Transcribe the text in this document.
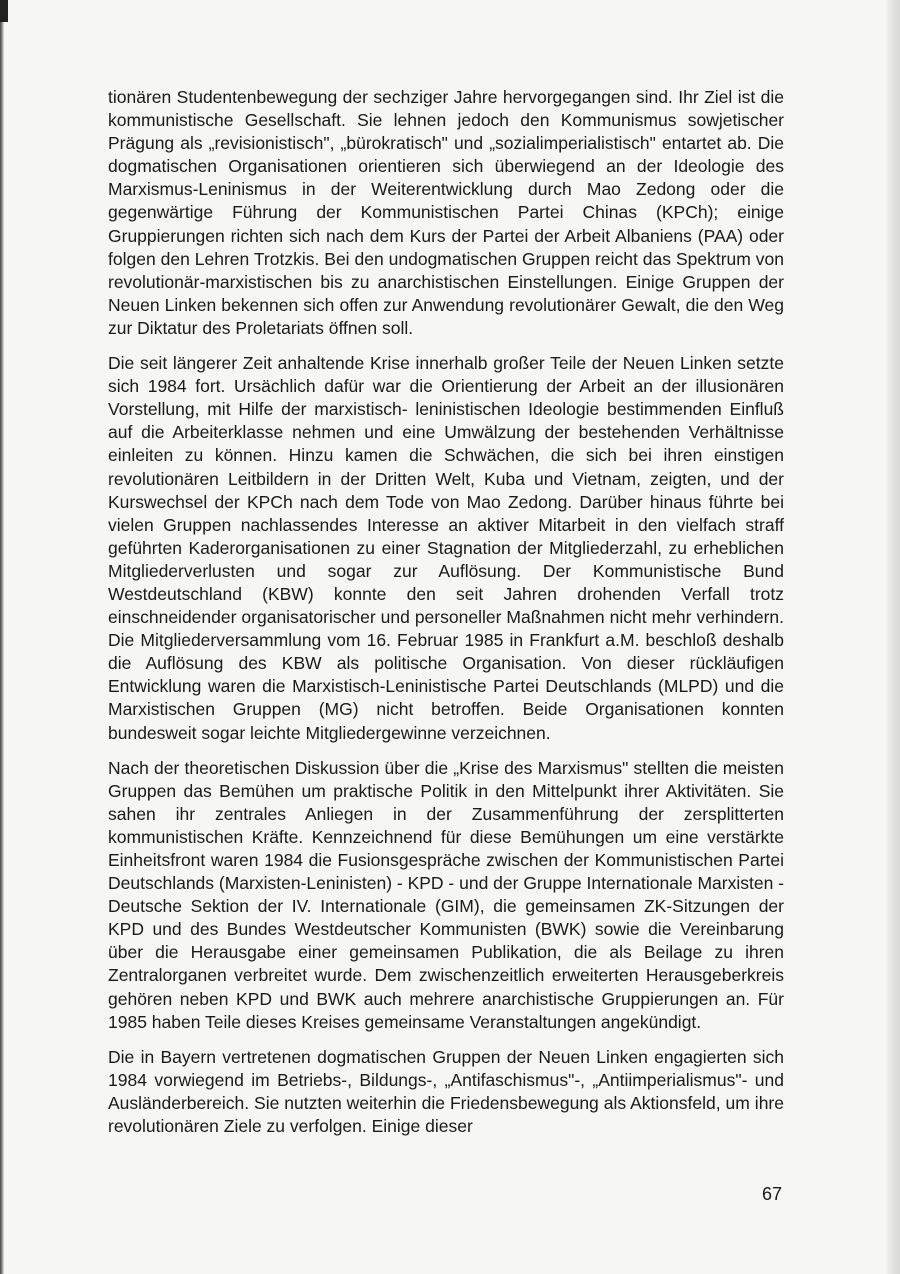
tionären Studentenbewegung der sechziger Jahre hervorgegangen sind. Ihr Ziel ist die kommunistische Gesellschaft. Sie lehnen jedoch den Kommunismus sowjetischer Prägung als „revisionistisch", „bürokratisch" und „sozialimperialistisch" entartet ab. Die dogmatischen Organisationen orientieren sich überwiegend an der Ideologie des Marxismus-Leninismus in der Weiterentwicklung durch Mao Zedong oder die gegenwärtige Führung der Kommunistischen Partei Chinas (KPCh); einige Gruppierungen richten sich nach dem Kurs der Partei der Arbeit Albaniens (PAA) oder folgen den Lehren Trotzkis. Bei den undogmatischen Gruppen reicht das Spektrum von revolutionär-marxistischen bis zu anarchistischen Einstellungen. Einige Gruppen der Neuen Linken bekennen sich offen zur Anwendung revolutionärer Gewalt, die den Weg zur Diktatur des Proletariats öffnen soll.

Die seit längerer Zeit anhaltende Krise innerhalb großer Teile der Neuen Linken setzte sich 1984 fort. Ursächlich dafür war die Orientierung der Arbeit an der illusionären Vorstellung, mit Hilfe der marxistisch- leninistischen Ideologie bestimmenden Einfluß auf die Arbeiterklasse nehmen und eine Umwälzung der bestehenden Verhältnisse einleiten zu können. Hinzu kamen die Schwächen, die sich bei ihren einstigen revolutionären Leitbildern in der Dritten Welt, Kuba und Vietnam, zeigten, und der Kurswechsel der KPCh nach dem Tode von Mao Zedong. Darüber hinaus führte bei vielen Gruppen nachlassendes Interesse an aktiver Mitarbeit in den vielfach straff geführten Kaderorganisationen zu einer Stagnation der Mitgliederzahl, zu erheblichen Mitgliederverlusten und sogar zur Auflösung. Der Kommunistische Bund Westdeutschland (KBW) konnte den seit Jahren drohenden Verfall trotz einschneidender organisatorischer und personeller Maßnahmen nicht mehr verhindern. Die Mitgliederversammlung vom 16. Februar 1985 in Frankfurt a.M. beschloß deshalb die Auflösung des KBW als politische Organisation. Von dieser rückläufigen Entwicklung waren die Marxistisch-Leninistische Partei Deutschlands (MLPD) und die Marxistischen Gruppen (MG) nicht betroffen. Beide Organisationen konnten bundesweit sogar leichte Mitgliedergewinne verzeichnen.

Nach der theoretischen Diskussion über die „Krise des Marxismus" stellten die meisten Gruppen das Bemühen um praktische Politik in den Mittelpunkt ihrer Aktivitäten. Sie sahen ihr zentrales Anliegen in der Zusammenführung der zersplitterten kommunistischen Kräfte. Kennzeichnend für diese Bemühungen um eine verstärkte Einheitsfront waren 1984 die Fusionsgespräche zwischen der Kommunistischen Partei Deutschlands (Marxisten-Leninisten) - KPD - und der Gruppe Internationale Marxisten - Deutsche Sektion der IV. Internationale (GIM), die gemeinsamen ZK-Sitzungen der KPD und des Bundes Westdeutscher Kommunisten (BWK) sowie die Vereinbarung über die Herausgabe einer gemeinsamen Publikation, die als Beilage zu ihren Zentralorganen verbreitet wurde. Dem zwischenzeitlich erweiterten Herausgeberkreis gehören neben KPD und BWK auch mehrere anarchistische Gruppierungen an. Für 1985 haben Teile dieses Kreises gemeinsame Veranstaltungen angekündigt.

Die in Bayern vertretenen dogmatischen Gruppen der Neuen Linken engagierten sich 1984 vorwiegend im Betriebs-, Bildungs-, „Antifaschismus"-, „Antiimperialismus"- und Ausländerbereich. Sie nutzten weiterhin die Friedensbewegung als Aktionsfeld, um ihre revolutionären Ziele zu verfolgen. Einige dieser

67
